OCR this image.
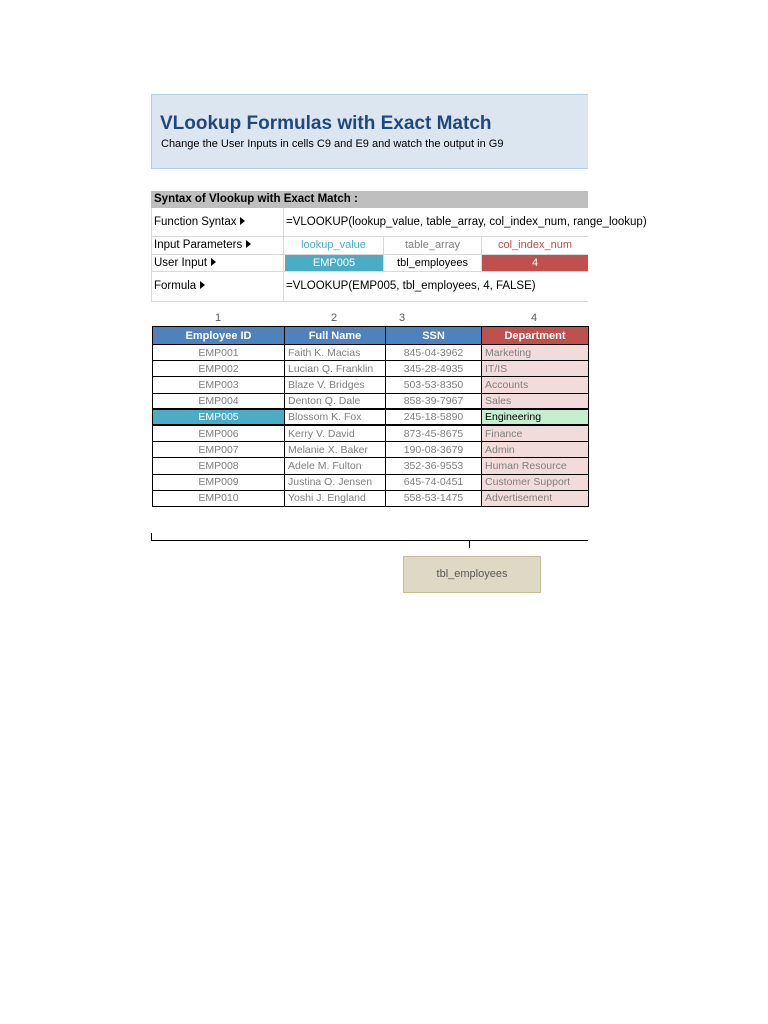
VLookup Formulas with Exact Match
Change the User Inputs in cells C9 and E9 and watch the output in G9
Syntax of Vlookup with Exact Match :
Function Syntax	=VLOOKUP(lookup_value, table_array, col_index_num, range_lookup)
Input Parameters	lookup_value	table_array	col_index_num
User Input	EMP005	tbl_employees	4
Formula	=VLOOKUP(EMP005, tbl_employees, 4, FALSE)
1	2	3	4
Employee ID	Full Name	SSN	Department
EMP001	Faith K. Macias	845-04-3962	Marketing
EMP002	Lucian Q. Franklin	345-28-4935	IT/IS
EMP003	Blaze V. Bridges	503-53-8350	Accounts
EMP004	Denton Q. Dale	858-39-7967	Sales
EMP005	Blossom K. Fox	245-18-5890	Engineering
EMP006	Kerry V. David	873-45-8675	Finance
EMP007	Melanie X. Baker	190-08-3679	Admin
EMP008	Adele M. Fulton	352-36-9553	Human Resource
EMP009	Justina O. Jensen	645-74-0451	Customer Support
EMP010	Yoshi J. England	558-53-1475	Advertisement
tbl_employees
